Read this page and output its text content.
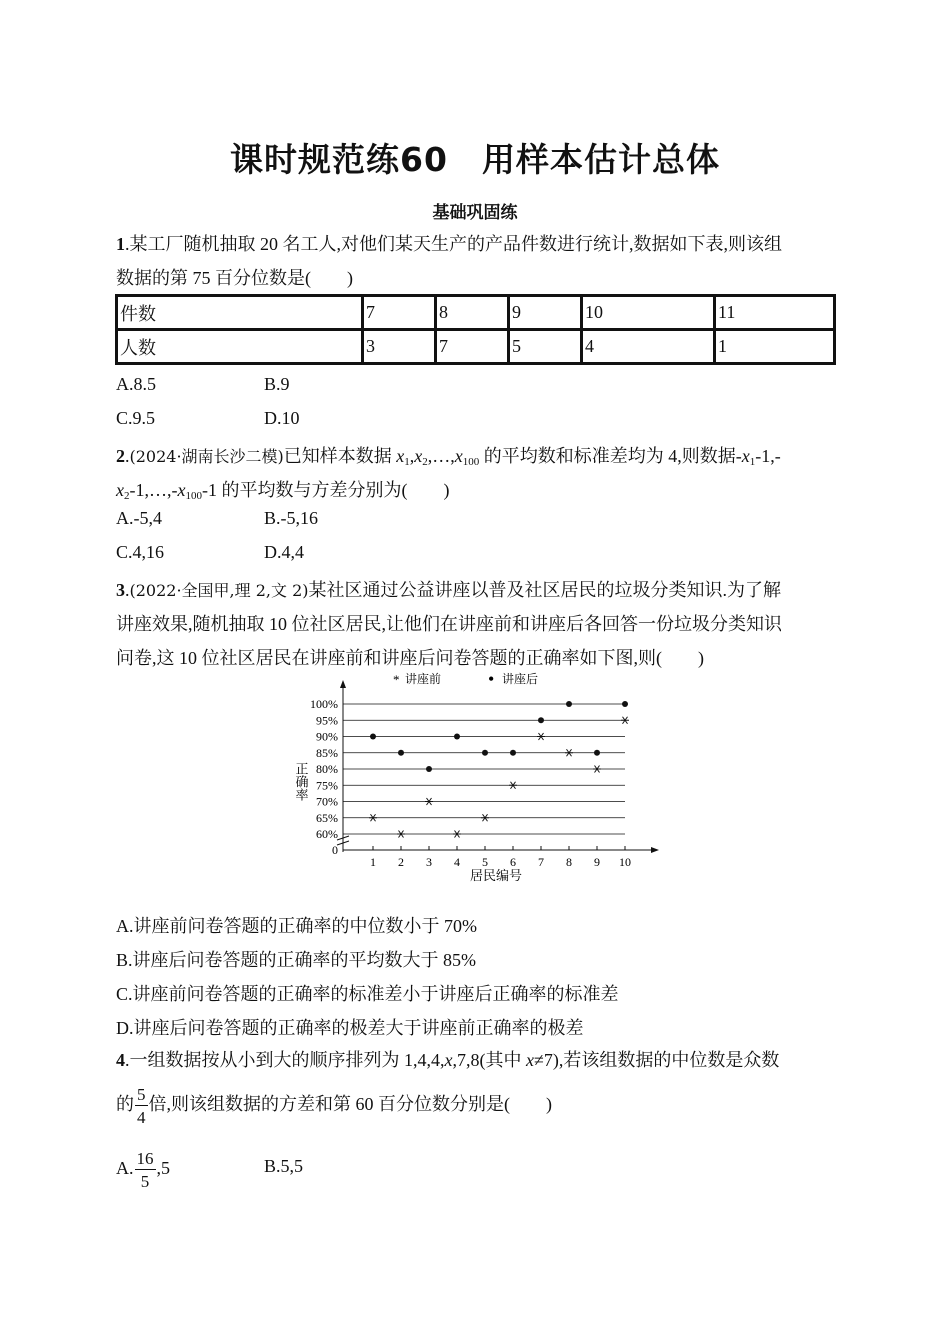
课时规范练60　用样本估计总体
基础巩固练
1.某工厂随机抽取 20 名工人,对他们某天生产的产品件数进行统计,数据如下表,则该组
数据的第 75 百分位数是(　　)
件数	7	8	9	10	11
人数	3	7	5	4	1
A.8.5	B.9
C.9.5	D.10
2.(2024·湖南长沙二模)已知样本数据 $x_1,x_2,\dots,x_{100}$ 的平均数和标准差均为 4,则数据$-x_1-1,-$
$x_2-1,\dots,-x_{100}-1$ 的平均数与方差分别为(　　)
A.-5,4	B.-5,16
C.4,16	D.4,4
3.(2022·全国甲,理 2,文 2)某社区通过公益讲座以普及社区居民的垃圾分类知识.为了解
讲座效果,随机抽取 10 位社区居民,让他们在讲座前和讲座后各回答一份垃圾分类知识
问卷,这 10 位社区居民在讲座前和讲座后问卷答题的正确率如下图,则(　　)
* 讲座前	• 讲座后
正确率
居民编号
100%
95%
90%
85%
80%
75%
70%
65%
60%
0
1 2 3 4 5 6 7 8 9 10
A.讲座前问卷答题的正确率的中位数小于 70%
B.讲座后问卷答题的正确率的平均数大于 85%
C.讲座前问卷答题的正确率的标准差小于讲座后正确率的标准差
D.讲座后问卷答题的正确率的极差大于讲座前正确率的极差
4.一组数据按从小到大的顺序排列为 1,4,4,x,7,8(其中 x≠7),若该组数据的中位数是众数
的 $\frac{5}{4}$ 倍,则该组数据的方差和第 60 百分位数分别是(　　)
A. $\frac{16}{5} ,5$	B.5,5
